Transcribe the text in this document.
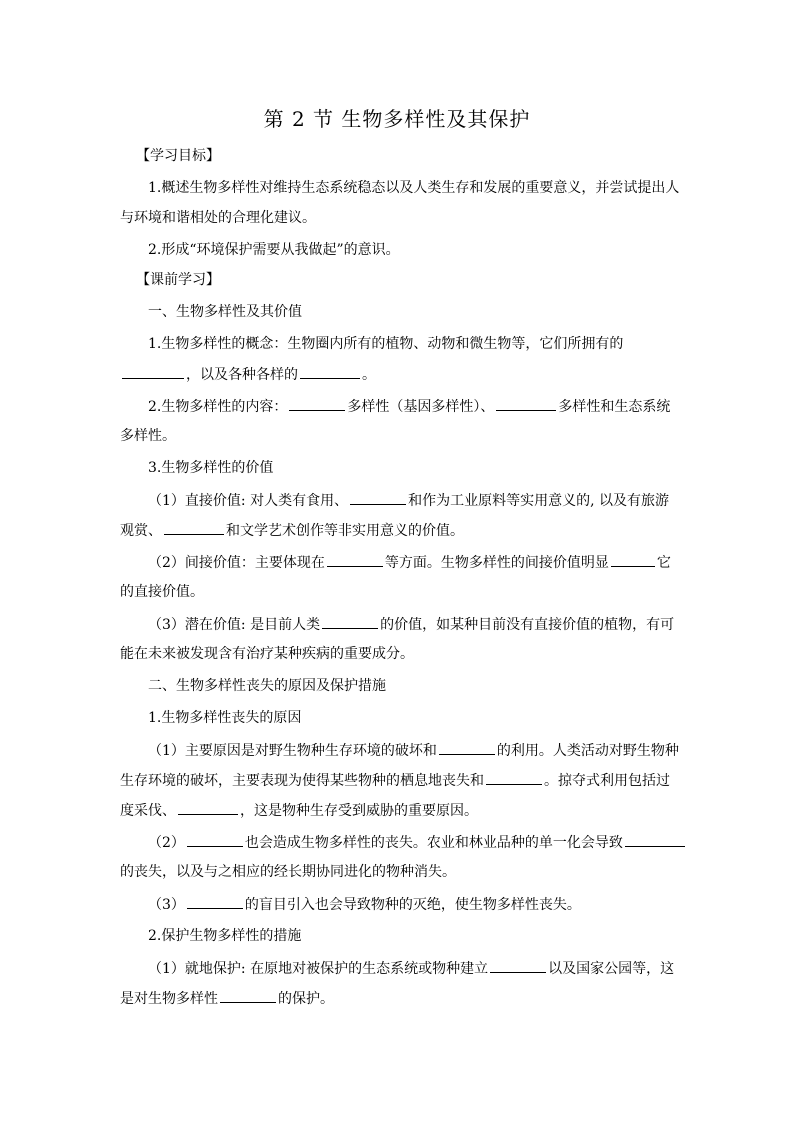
第 2 节 生物多样性及其保护
【学习目标】
1.概述生物多样性对维持生态系统稳态以及人类生存和发展的重要意义，并尝试提出人
与环境和谐相处的合理化建议。
2.形成“环境保护需要从我做起”的意识。
【课前学习】
一、生物多样性及其价值
1.生物多样性的概念：生物圈内所有的植物、动物和微生物等，它们所拥有的
，以及各种各样的	。
2.生物多样性的内容：	多样性（基因多样性）、	多样性和生态系统
多样性。
3.生物多样性的价值
（1）直接价值: 对人类有食用、	和作为工业原料等实用意义的, 以及有旅游
观赏、	和文学艺术创作等非实用意义的价值。
（2）间接价值：主要体现在	等方面。生物多样性的间接价值明显	它
的直接价值。
（3）潜在价值: 是目前人类	的价值，如某种目前没有直接价值的植物，有可
能在未来被发现含有治疗某种疾病的重要成分。
二、生物多样性丧失的原因及保护措施
1.生物多样性丧失的原因
（1）主要原因是对野生物种生存环境的破坏和	的利用。人类活动对野生物种
生存环境的破坏，主要表现为使得某些物种的栖息地丧失和	。掠夺式利用包括过
度采伐、	，这是物种生存受到威胁的重要原因。
（2）	也会造成生物多样性的丧失。农业和林业品种的单一化会导致
的丧失，以及与之相应的经长期协同进化的物种消失。
（3）	的盲目引入也会导致物种的灭绝，使生物多样性丧失。
2.保护生物多样性的措施
（1）就地保护: 在原地对被保护的生态系统或物种建立	以及国家公园等，这
是对生物多样性	的保护。
